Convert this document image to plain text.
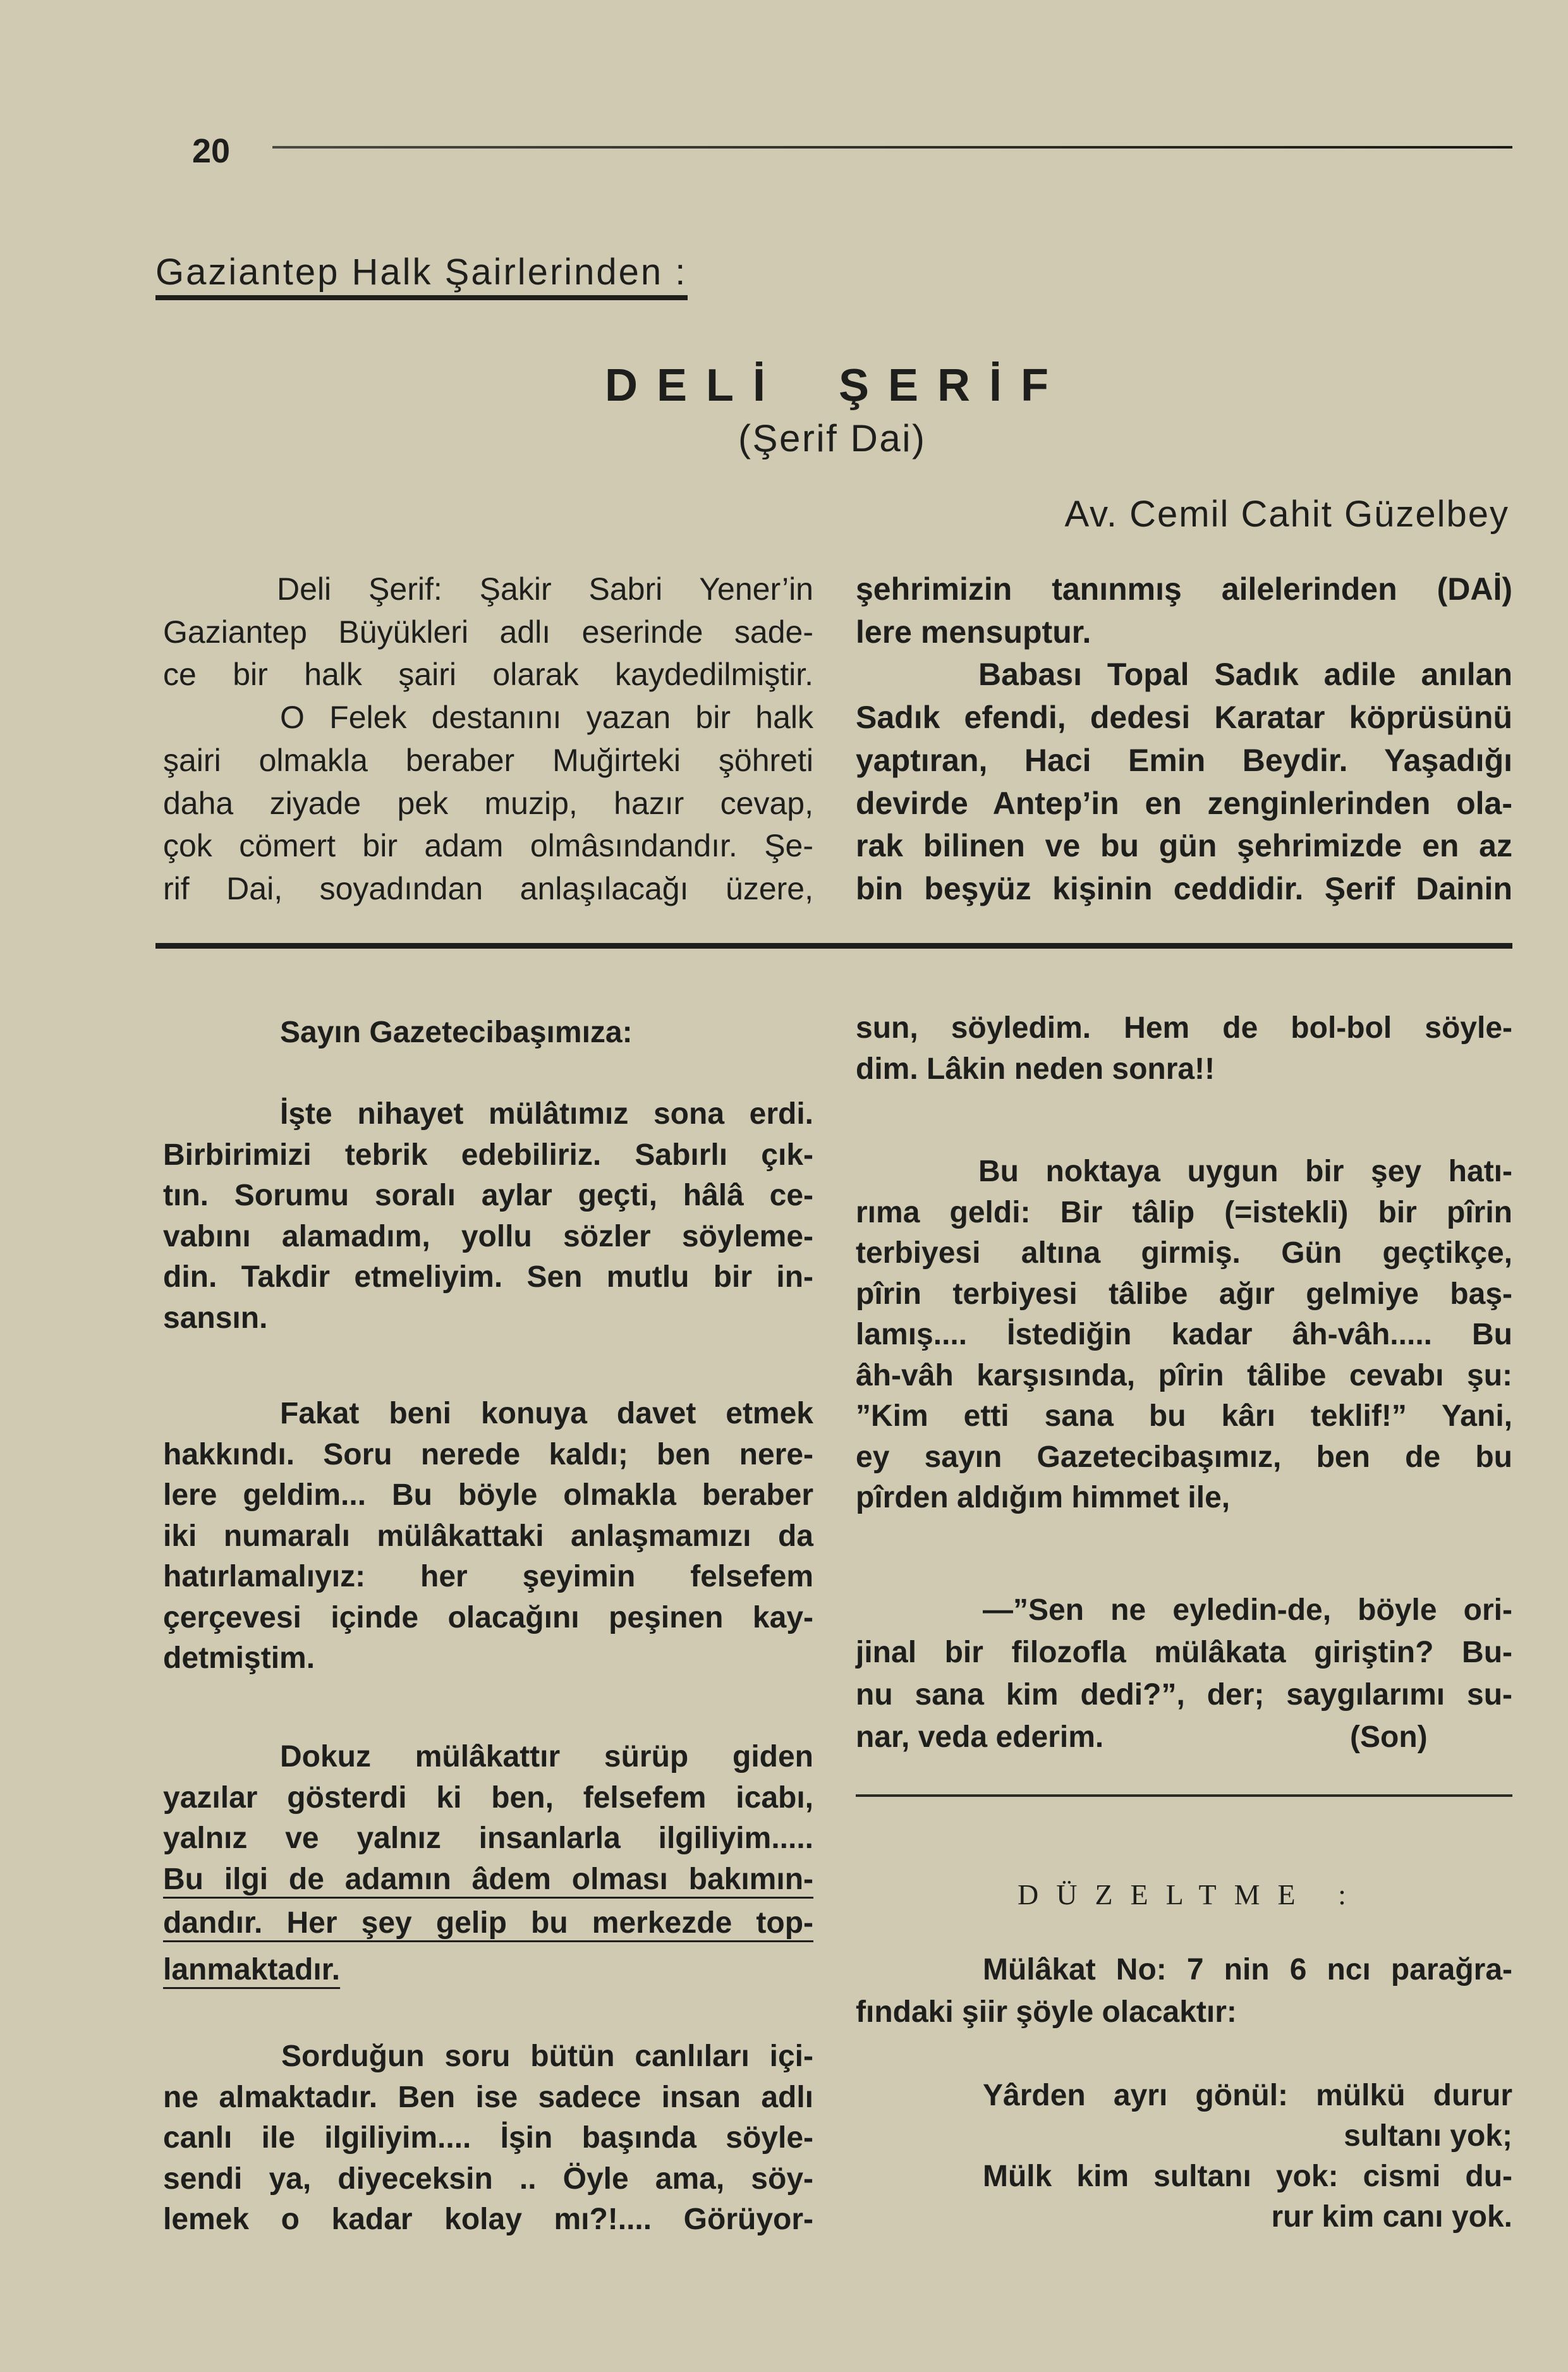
20
Gaziantep Halk Şairlerinden :
DELİ ŞERİF
(Şerif Dai)
Av. Cemil Cahit Güzelbey
Deli Şerif: Şakir Sabri Yener’in
Gaziantep Büyükleri adlı eserinde sade-
ce bir halk şairi olarak kaydedilmiştir.
O Felek destanını yazan bir halk
şairi olmakla beraber Muğirteki şöhreti
daha ziyade pek muzip, hazır cevap,
çok cömert bir adam olmâsındandır. Şe-
rif Dai, soyadından anlaşılacağı üzere,
şehrimizin tanınmış ailelerinden (DAİ)
lere mensuptur.
Babası Topal Sadık adile anılan
Sadık efendi, dedesi Karatar köprüsünü
yaptıran, Haci Emin Beydir. Yaşadığı
devirde Antep’in en zenginlerinden ola-
rak bilinen ve bu gün şehrimizde en az
bin beşyüz kişinin ceddidir. Şerif Dainin
Sayın Gazetecibaşımıza:
İşte nihayet mülâtımız sona erdi.
Birbirimizi tebrik edebiliriz. Sabırlı çık-
tın. Sorumu soralı aylar geçti, hâlâ ce-
vabını alamadım, yollu sözler söyleme-
din. Takdir etmeliyim. Sen mutlu bir in-
sansın.
Fakat beni konuya davet etmek
hakkındı. Soru nerede kaldı; ben nere-
lere geldim... Bu böyle olmakla beraber
iki numaralı mülâkattaki anlaşmamızı da
hatırlamalıyız: her şeyimin felsefem
çerçevesi içinde olacağını peşinen kay-
detmiştim.
Dokuz mülâkattır sürüp giden
yazılar gösterdi ki ben, felsefem icabı,
yalnız ve yalnız insanlarla ilgiliyim.....
Bu ilgi de adamın âdem olması bakımın-
dandır. Her şey gelip bu merkezde top-
lanmaktadır.
Sorduğun soru bütün canlıları içi-
ne almaktadır. Ben ise sadece insan adlı
canlı ile ilgiliyim.... İşin başında söyle-
sendi ya, diyeceksin .. Öyle ama, söy-
lemek o kadar kolay mı?!.... Görüyor-
sun, söyledim. Hem de bol-bol söyle-
dim. Lâkin neden sonra!!
Bu noktaya uygun bir şey hatı-
rıma geldi: Bir tâlip (=istekli) bir pîrin
terbiyesi altına girmiş. Gün geçtikçe,
pîrin terbiyesi tâlibe ağır gelmiye baş-
lamış.... İstediğin kadar âh-vâh..... Bu
âh-vâh karşısında, pîrin tâlibe cevabı şu:
”Kim etti sana bu kârı teklif!” Yani,
ey sayın Gazetecibaşımız, ben de bu
pîrden aldığım himmet ile,
—”Sen ne eyledin-de, böyle ori-
jinal bir filozofla mülâkata giriştin? Bu-
nu sana kim dedi?”, der; saygılarımı su-
nar, veda ederim.	(Son)
DÜZELTME :
Mülâkat No: 7 nin 6 ncı parağra-
fındaki şiir şöyle olacaktır:
Yârden ayrı gönül: mülkü durur
sultanı yok;
Mülk kim sultanı yok: cismi du-
rur kim canı yok.
